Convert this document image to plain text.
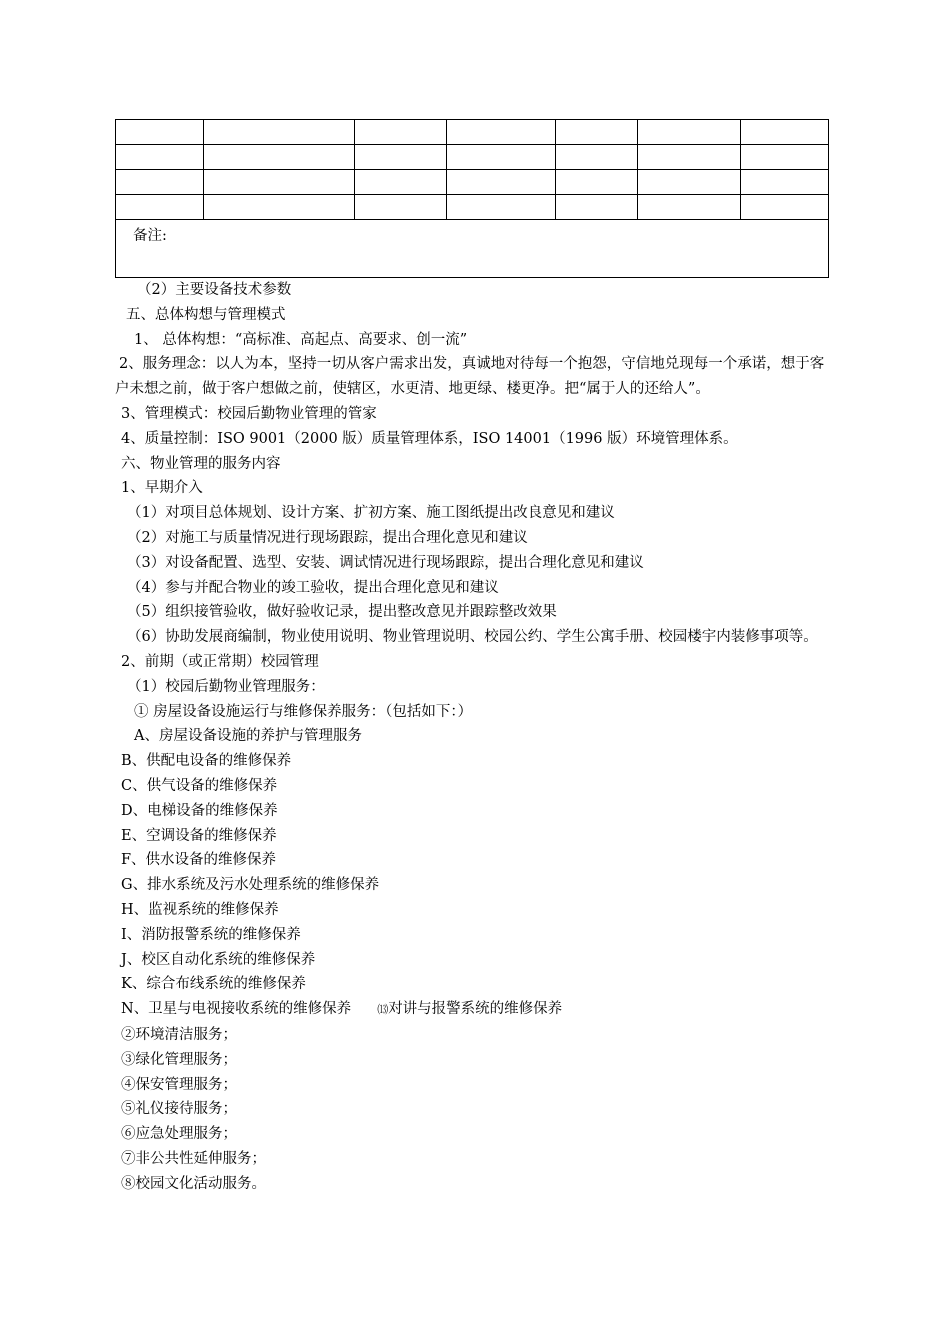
备注:						
（2）主要设备技术参数
五、总体构想与管理模式
1、 总体构想：“高标准、高起点、高要求、创一流”
2、服务理念：以人为本，坚持一切从客户需求出发，真诚地对待每一个抱怨，守信地兑现每一个承诺，想于客户未想之前，做于客户想做之前，使辖区，水更清、地更绿、楼更净。把“属于人的还给人”。
3、管理模式：校园后勤物业管理的管家
4、质量控制：ISO 9001（2000 版）质量管理体系，ISO 14001（1996 版）环境管理体系。
六、物业管理的服务内容
1、早期介入
（1）对项目总体规划、设计方案、扩初方案、施工图纸提出改良意见和建议
（2）对施工与质量情况进行现场跟踪，提出合理化意见和建议
（3）对设备配置、选型、安装、调试情况进行现场跟踪，提出合理化意见和建议
（4）参与并配合物业的竣工验收，提出合理化意见和建议
（5）组织接管验收，做好验收记录，提出整改意见并跟踪整改效果
（6）协助发展商编制，物业使用说明、物业管理说明、校园公约、学生公寓手册、校园楼宇内装修事项等。
2、前期（或正常期）校园管理
（1）校园后勤物业管理服务：
① 房屋设备设施运行与维修保养服务：（包括如下：）
A、房屋设备设施的养护与管理服务
B、供配电设备的维修保养
C、供气设备的维修保养
D、电梯设备的维修保养
E、空调设备的维修保养
F、供水设备的维修保养
G、排水系统及污水处理系统的维修保养
H、监视系统的维修保养
I、消防报警系统的维修保养
J、校区自动化系统的维修保养
K、综合布线系统的维修保养
N、卫星与电视接收系统的维修保养 ⒀对讲与报警系统的维修保养
②环境清洁服务；
③绿化管理服务；
④保安管理服务；
⑤礼仪接待服务；
⑥应急处理服务；
⑦非公共性延伸服务；
⑧校园文化活动服务。
